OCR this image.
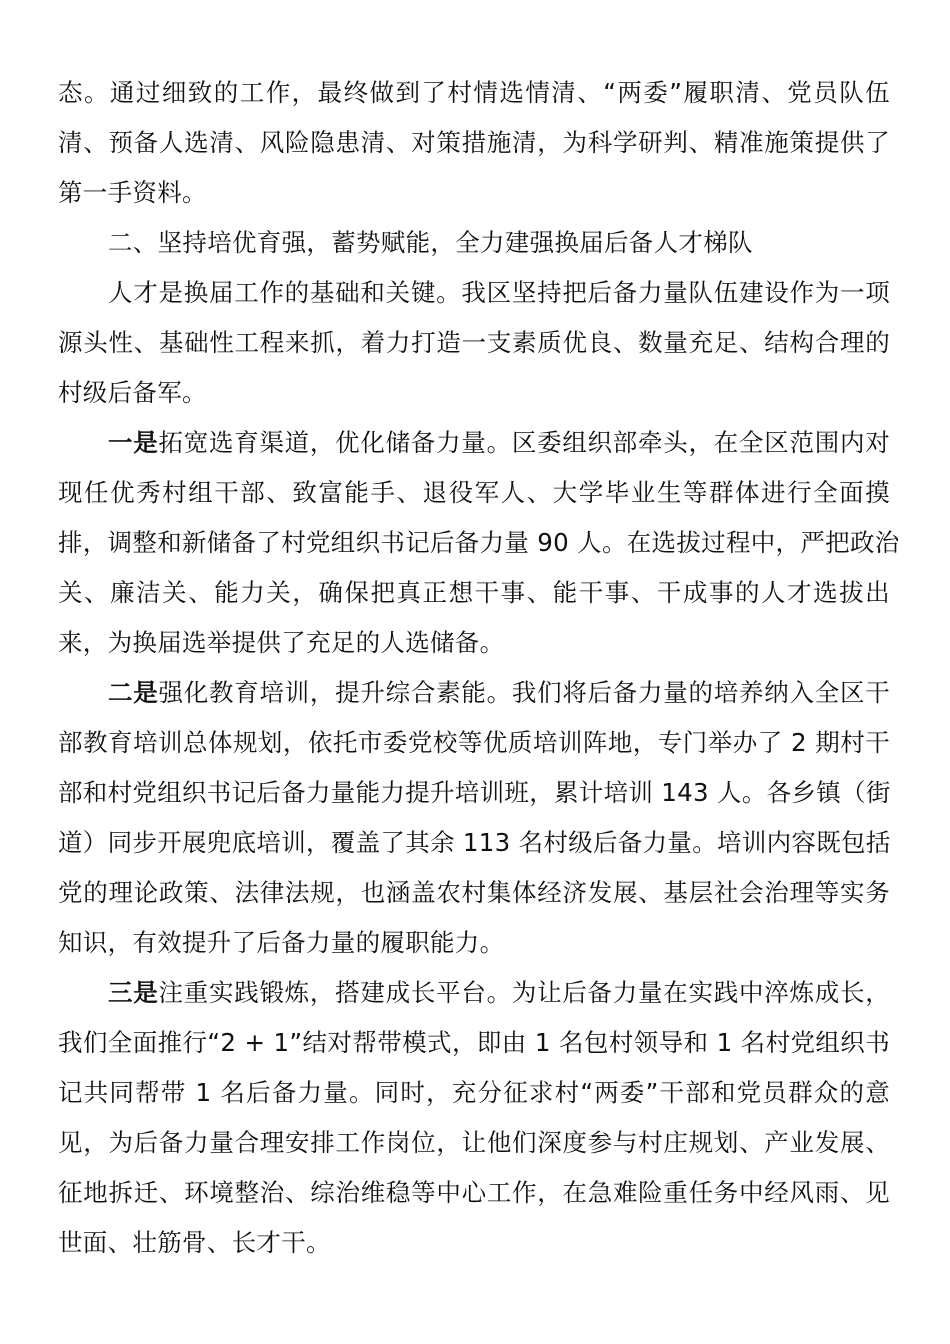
态。通过细致的工作，最终做到了村情选情清、“两委”履职清、党员队伍
清、预备人选清、风险隐患清、对策措施清，为科学研判、精准施策提供了
第一手资料。
二、坚持培优育强，蓄势赋能，全力建强换届后备人才梯队
人才是换届工作的基础和关键。我区坚持把后备力量队伍建设作为一项
源头性、基础性工程来抓，着力打造一支素质优良、数量充足、结构合理的
村级后备军。
一是拓宽选育渠道，优化储备力量。区委组织部牵头，在全区范围内对
现任优秀村组干部、致富能手、退役军人、大学毕业生等群体进行全面摸
排，调整和新储备了村党组织书记后备力量 90 人。在选拔过程中，严把政治
关、廉洁关、能力关，确保把真正想干事、能干事、干成事的人才选拔出
来，为换届选举提供了充足的人选储备。
二是强化教育培训，提升综合素能。我们将后备力量的培养纳入全区干
部教育培训总体规划，依托市委党校等优质培训阵地，专门举办了 2 期村干
部和村党组织书记后备力量能力提升培训班，累计培训 143 人。各乡镇（街
道）同步开展兜底培训，覆盖了其余 113 名村级后备力量。培训内容既包括
党的理论政策、法律法规，也涵盖农村集体经济发展、基层社会治理等实务
知识，有效提升了后备力量的履职能力。
三是注重实践锻炼，搭建成长平台。为让后备力量在实践中淬炼成长，
我们全面推行“2 + 1”结对帮带模式，即由 1 名包村领导和 1 名村党组织书
记共同帮带 1 名后备力量。同时，充分征求村“两委”干部和党员群众的意
见，为后备力量合理安排工作岗位，让他们深度参与村庄规划、产业发展、
征地拆迁、环境整治、综治维稳等中心工作，在急难险重任务中经风雨、见
世面、壮筋骨、长才干。
